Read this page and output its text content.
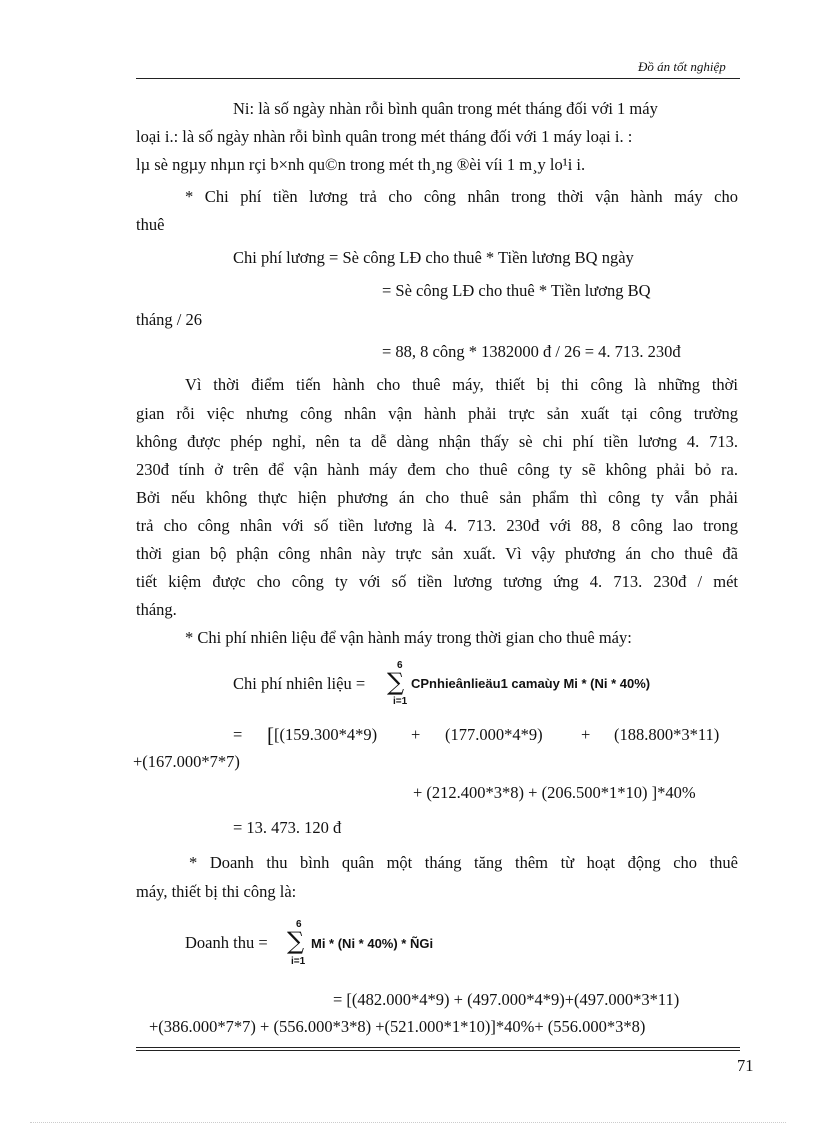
Đồ án tốt nghiệp
Ni: là số ngày nhàn rỗi bình quân trong mét tháng đối với 1 máy
loại i.: là số ngày nhàn rỗi bình quân trong mét tháng đối với 1 máy loại i. :
lµ sè ngµy nhµn rçi b×nh qu©n trong mét th¸ng ®èi víi 1 m¸y lo¹i i.
* Chi phí tiền lương trả cho công nhân trong thời vận hành máy cho
thuê
Chi phí lương = Sè công LĐ cho thuê * Tiền lương BQ ngày
= Sè công LĐ cho thuê * Tiền lương BQ
tháng / 26
= 88, 8 công * 1382000 đ / 26 = 4. 713. 230đ
Vì thời điểm tiến hành cho thuê máy, thiết bị thi công là những thời
gian rỗi việc nhưng công nhân vận hành phải trực sản xuất tại công trường
không được phép nghỉ, nên ta dễ dàng nhận thấy sè chi phí tiền lương 4. 713.
230đ tính ở trên để vận hành máy đem cho thuê công ty sẽ không phải bỏ ra.
Bởi nếu không thực hiện phương án cho thuê sản phẩm thì công ty vẫn phải
trả cho công nhân với số tiền lương là 4. 713. 230đ với 88, 8 công lao trong
thời gian bộ phận công nhân này trực sản xuất. Vì vậy phương án cho thuê đã
tiết kiệm được cho công ty với số tiền lương tương ứng 4. 713. 230đ / mét
tháng.
* Chi phí nhiên liệu để vận hành máy trong thời gian cho thuê máy:
Chi phí nhiên liệu =
6
∑
i=1
CPnhieânlieäu1 camaùy Mi * (Ni * 40%)
= [[(159.300*4*9) + (177.000*4*9) + (188.800*3*11)
+(167.000*7*7)
+ (212.400*3*8) + (206.500*1*10) ]*40%
= 13. 473. 120 đ
* Doanh thu bình quân một tháng tăng thêm từ hoạt động cho thuê
máy, thiết bị thi công là:
Doanh thu =
6
∑
i=1
Mi * (Ni * 40%) * ÑGi
= [(482.000*4*9) + (497.000*4*9)+(497.000*3*11)
+(386.000*7*7) + (556.000*3*8) +(521.000*1*10)]*40%+ (556.000*3*8)
71
